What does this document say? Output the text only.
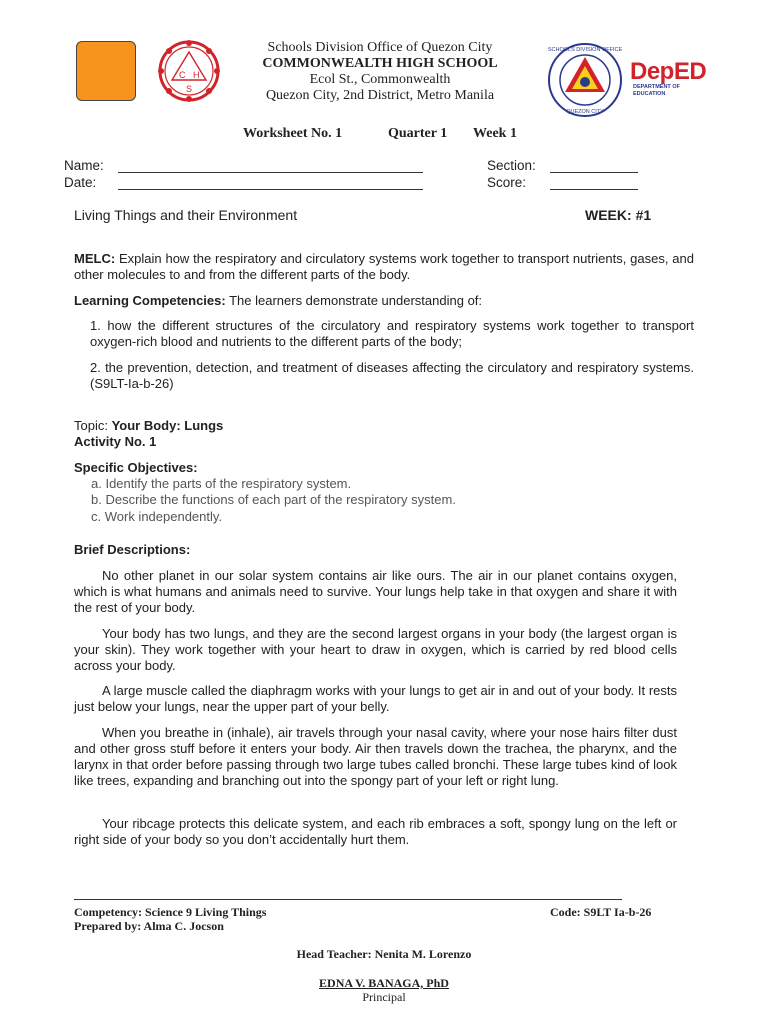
C H
S
Schools Division Office of Quezon City
COMMONWEALTH HIGH SCHOOL
Ecol St., Commonwealth
Quezon City, 2nd District, Metro Manila
SCHOOLS DIVISION OFFICE
QUEZON CITY
DepED
DEPARTMENT OF EDUCATION
Worksheet No. 1	Quarter 1 Week 1
Name:
Date:
Section:
Score:
Living Things and their Environment	WEEK: #1
MELC: Explain how the respiratory and circulatory systems work together to transport nutrients, gases, and other molecules to and from the different parts of the body.
Learning Competencies: The learners demonstrate understanding of:
1. how the different structures of the circulatory and respiratory systems work together to transport oxygen-rich blood and nutrients to the different parts of the body;
2. the prevention, detection, and treatment of diseases affecting the circulatory and respiratory systems. (S9LT-Ia-b-26)
Topic: Your Body: Lungs
Activity No. 1
Specific Objectives:
a. Identify the parts of the respiratory system.
b. Describe the functions of each part of the respiratory system.
c. Work independently.
Brief Descriptions:
No other planet in our solar system contains air like ours. The air in our planet contains oxygen, which is what humans and animals need to survive. Your lungs help take in that oxygen and share it with the rest of your body.
Your body has two lungs, and they are the second largest organs in your body (the largest organ is your skin). They work together with your heart to draw in oxygen, which is carried by red blood cells across your body.
A large muscle called the diaphragm works with your lungs to get air in and out of your body. It rests just below your lungs, near the upper part of your belly.
When you breathe in (inhale), air travels through your nasal cavity, where your nose hairs filter dust and other gross stuff before it enters your body. Air then travels down the trachea, the pharynx, and the larynx in that order before passing through two large tubes called bronchi. These large tubes kind of look like trees, expanding and branching out into the spongy part of your left or right lung.
Your ribcage protects this delicate system, and each rib embraces a soft, spongy lung on the left or right side of your body so you don’t accidentally hurt them.
Competency: Science 9 Living Things	Code: S9LT Ia-b-26
Prepared by: Alma C. Jocson
Head Teacher: Nenita M. Lorenzo
EDNA V. BANAGA, PhD
Principal
